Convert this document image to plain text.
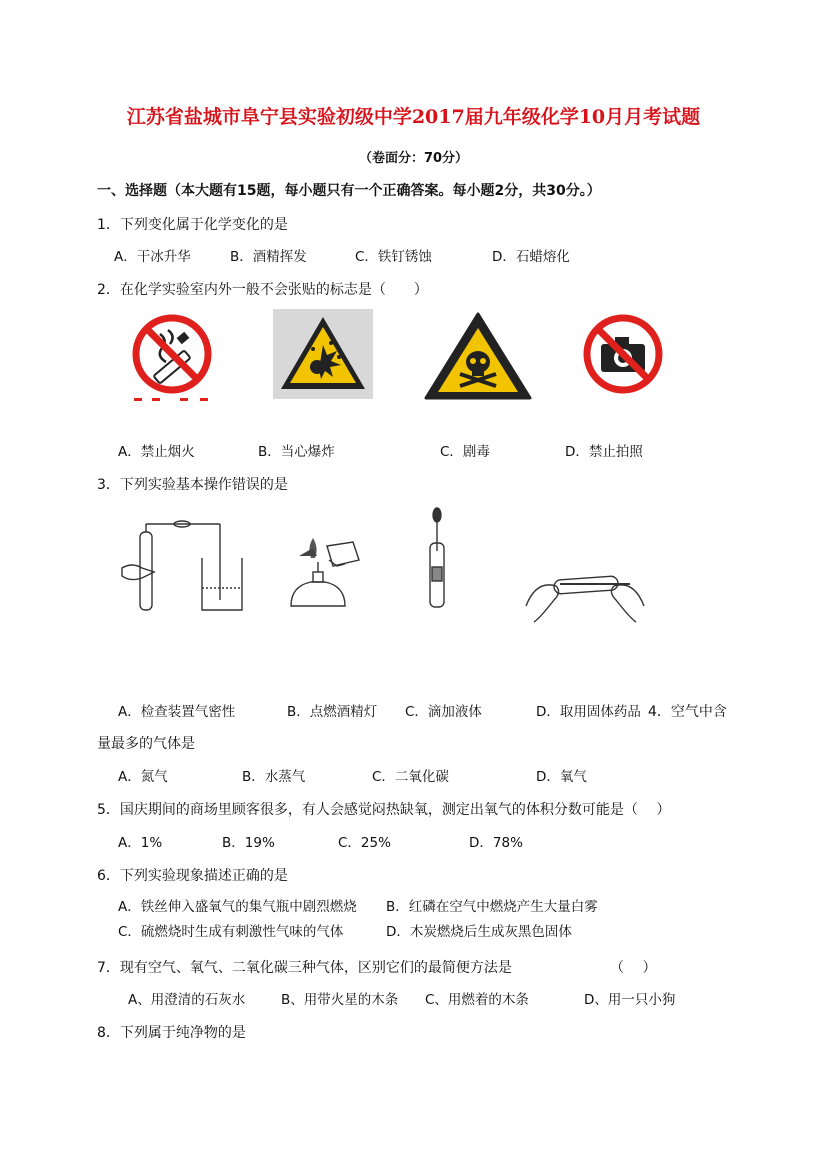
江苏省盐城市阜宁县实验初级中学2017届九年级化学10月月考试题
（卷面分：70分）
一、选择题（本大题有15题，每小题只有一个正确答案。每小题2分，共30分。）
1．下列变化属于化学变化的是
A．干冰升华	B．酒精挥发	C．铁钉锈蚀	D．石蜡熔化
2．在化学实验室内外一般不会张贴的标志是（　　）
A．禁止烟火	B．当心爆炸	C．剧毒	D．禁止拍照
3．下列实验基本操作错误的是
A．检查装置气密性	B．点燃酒精灯 C．滴加液体	D．取用固体药品 4．空气中含
量最多的气体是
A．氮气	B．水蒸气	C．二氧化碳	D．氧气
5．国庆期间的商场里顾客很多，有人会感觉闷热缺氧，测定出氧气的体积分数可能是（　 ）
A．1%	B．19%	C．25%	D．78%
6．下列实验现象描述正确的是
A．铁丝伸入盛氧气的集气瓶中剧烈燃烧 B．红磷在空气中燃烧产生大量白雾
C．硫燃烧时生成有刺激性气味的气体	D．木炭燃烧后生成灰黑色固体
7．现有空气、氧气、二氧化碳三种气体，区别它们的最简便方法是	（　 ）
A、用澄清的石灰水	B、用带火星的木条 C、用燃着的木条	D、用一只小狗
8．下列属于纯净物的是
